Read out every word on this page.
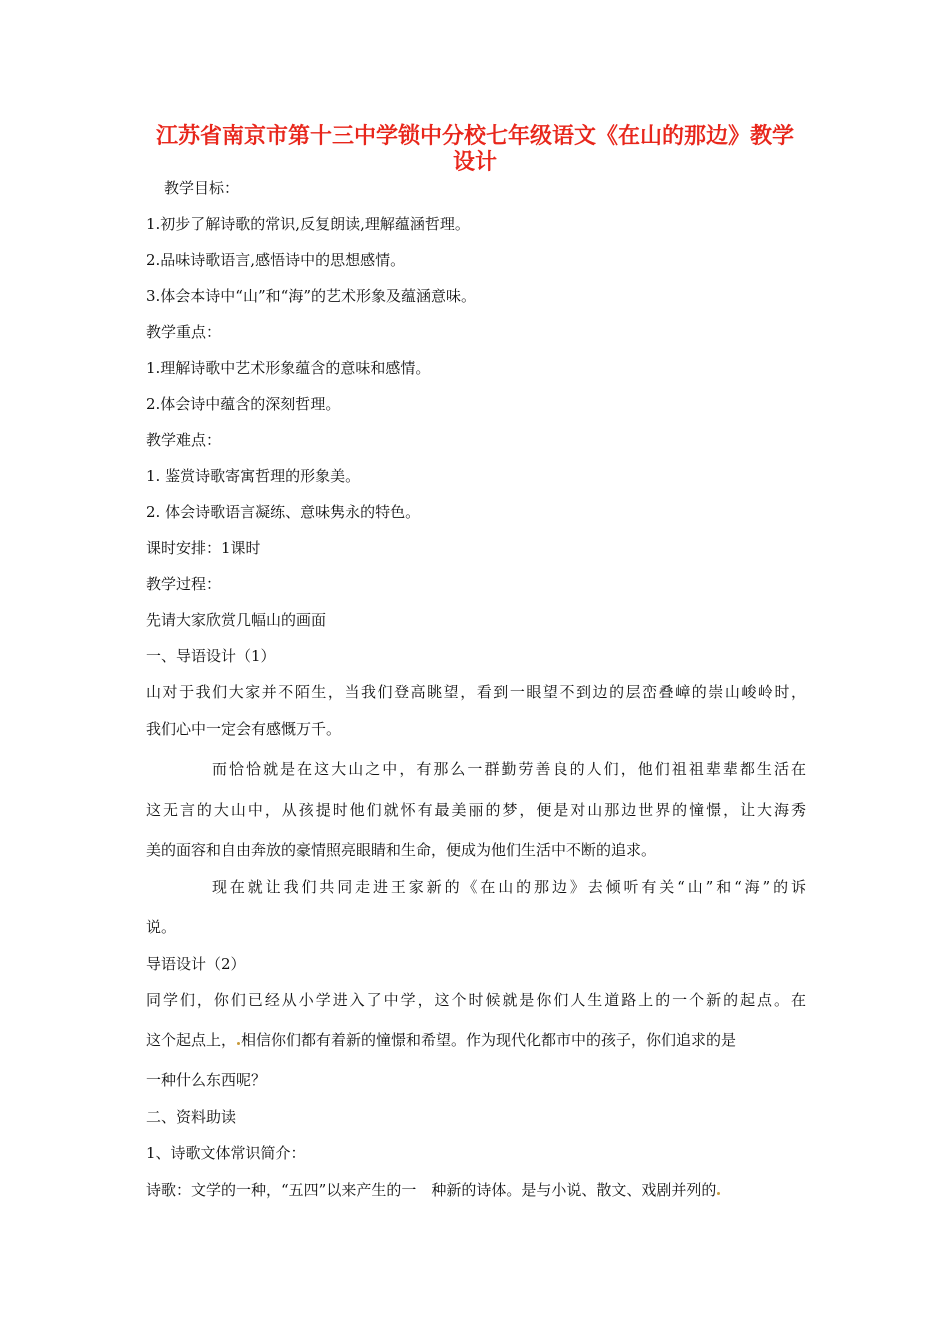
江苏省南京市第十三中学锁中分校七年级语文《在山的那边》教学
设计
教学目标：
1.初步了解诗歌的常识,反复朗读,理解蕴涵哲理。
2.品味诗歌语言,感悟诗中的思想感情。
3.体会本诗中“山”和“海”的艺术形象及蕴涵意味。
教学重点：
1.理解诗歌中艺术形象蕴含的意味和感情。
2.体会诗中蕴含的深刻哲理。
教学难点：
1. 鉴赏诗歌寄寓哲理的形象美。
2. 体会诗歌语言凝练、意味隽永的特色。
课时安排：1课时
教学过程：
先请大家欣赏几幅山的画面
一、导语设计（1）
山对于我们大家并不陌生，当我们登高眺望，看到一眼望不到边的层峦叠嶂的崇山峻岭时，
我们心中一定会有感慨万千。
而恰恰就是在这大山之中，有那么一群勤劳善良的人们，他们祖祖辈辈都生活在
这无言的大山中，从孩提时他们就怀有最美丽的梦，便是对山那边世界的憧憬，让大海秀
美的面容和自由奔放的豪情照亮眼睛和生命，便成为他们生活中不断的追求。
现在就让我们共同走进王家新的《在山的那边》去倾听有关“山”和“海”的诉
说。
导语设计（2）
同学们，你们已经从小学进入了中学，这个时候就是你们人生道路上的一个新的起点。在
这个起点上， 相信你们都有着新的憧憬和希望。作为现代化都市中的孩子，你们追求的是
一种什么东西呢？
二、资料助读
1、诗歌文体常识简介：
诗歌：文学的一种，“五四”以来产生的一　种新的诗体。是与小说、散文、戏剧并列的
